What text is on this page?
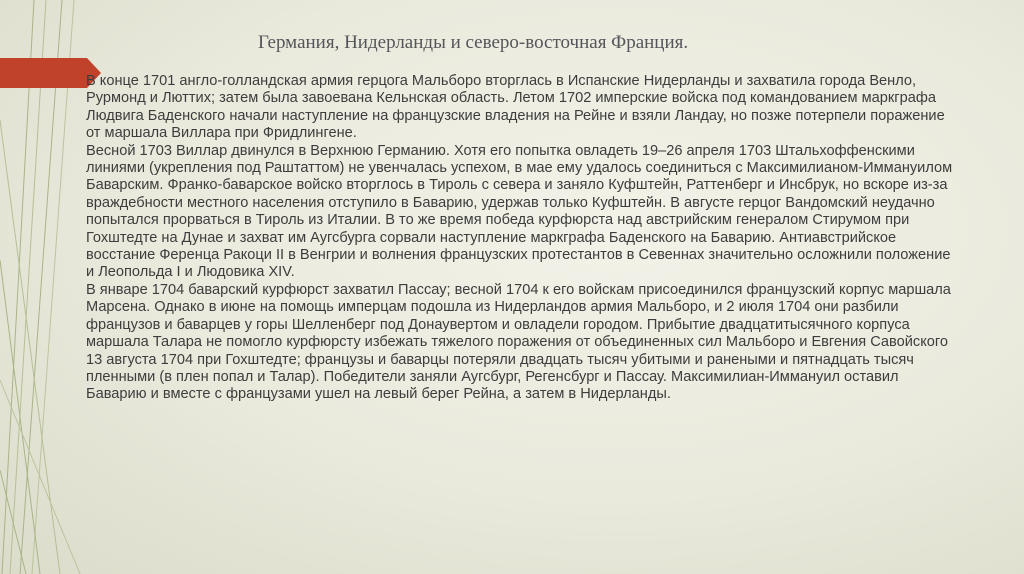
Германия, Нидерланды и северо-восточная Франция.

В конце 1701 англо-голландская армия герцога Мальборо вторглась в Испанские Нидерланды и захватила города Венло, Рурмонд и Люттих; затем была завоевана Кельнская область. Летом 1702 имперские войска под командованием маркграфа Людвига Баденского начали наступление на французские владения на Рейне и взяли Ландау, но позже потерпели поражение от маршала Виллара при Фридлингене.

Весной 1703 Виллар двинулся в Верхнюю Германию. Хотя его попытка овладеть 19–26 апреля 1703 Штальхоффенскими линиями (укрепления под Раштаттом) не увенчалась успехом, в мае ему удалось соединиться с Максимилианом-Иммануилом Баварским. Франко-баварское войско вторглось в Тироль с севера и заняло Куфштейн, Раттенберг и Инсбрук, но вскоре из-за враждебности местного населения отступило в Баварию, удержав только Куфштейн. В августе герцог Вандомский неудачно попытался прорваться в Тироль из Италии. В то же время победа курфюрста над австрийским генералом Стирумом при Гохштедте на Дунае и захват им Аугсбурга сорвали наступление маркграфа Баденского на Баварию. Антиавстрийское восстание Ференца Ракоци II в Венгрии и волнения французских протестантов в Севеннах значительно осложнили положение и Леопольда I и Людовика XIV.

В январе 1704 баварский курфюрст захватил Пассау; весной 1704 к его войскам присоединился французский корпус маршала Марсена. Однако в июне на помощь имперцам подошла из Нидерландов армия Мальборо, и 2 июля 1704 они разбили французов и баварцев у горы Шелленберг под Донаувертом и овладели городом. Прибытие двадцатитысячного корпуса маршала Талара не помогло курфюрсту избежать тяжелого поражения от объединенных сил Мальборо и Евгения Савойского 13 августа 1704 при Гохштедте; французы и баварцы потеряли двадцать тысяч убитыми и ранеными и пятнадцать тысяч пленными (в плен попал и Талар). Победители заняли Аугсбург, Регенсбург и Пассау. Максимилиан-Иммануил оставил Баварию и вместе с французами ушел на левый берег Рейна, а затем в Нидерланды.
